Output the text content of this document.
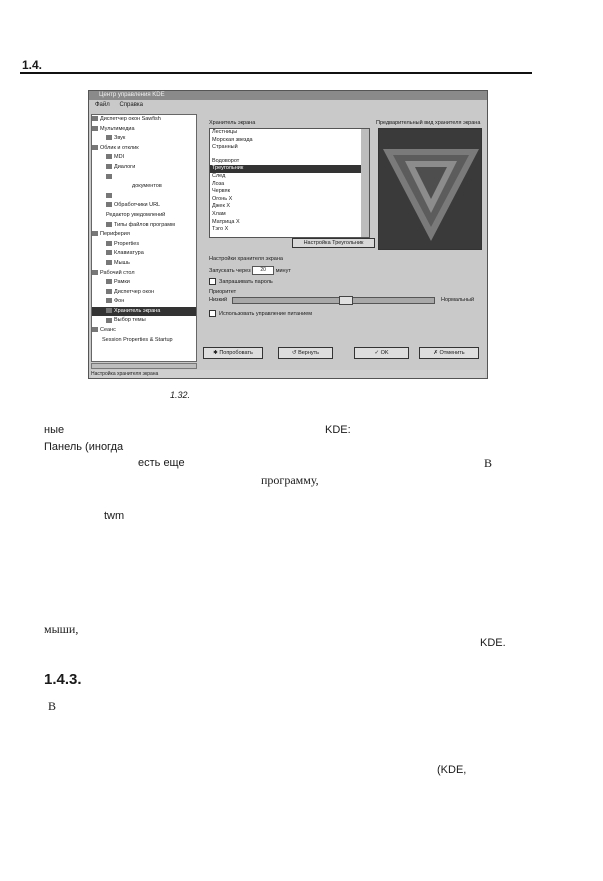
1.4.
Центр управления KDE
Файл Справка
Диспетчер окон Sawfish
Мультимедиа
Звук
Облик и отклик
MDI
Диалоги
документов
Обработчики URL
Редактор уведомлений
Типы файлов программ
Периферия
Properties
Клавиатура
Мышь
Рабочий стол
Рамки
Диспетчер окон
Фон
Хранитель экрана
Выбор темы
Сеанс
Session Properties & Startup
Хранитель экрана
Лестницы
Морская звезда
Странный
Водоворот
Треугольник
След
Лоза
Червяк
Огонь Х
Джек Х
Хлам
Матрица Х
Тэго Х
Настройка Треугольник
Предварительный вид хранителя экрана
Настройки хранителя экрана
Запускать через 20 минут
Запрашивать пароль
Приоритет
Низкий	Нормальный
Использовать управление питанием
✱ Попробовать	↺ Вернуть	✓ OK	✗ Отменить
Настройка хранителя экрана
1.32.
ные	KDE:
Панель (иногда
есть еще	В
программу,
twm
мыши,
KDE.
1.4.3.
В
(KDE,
